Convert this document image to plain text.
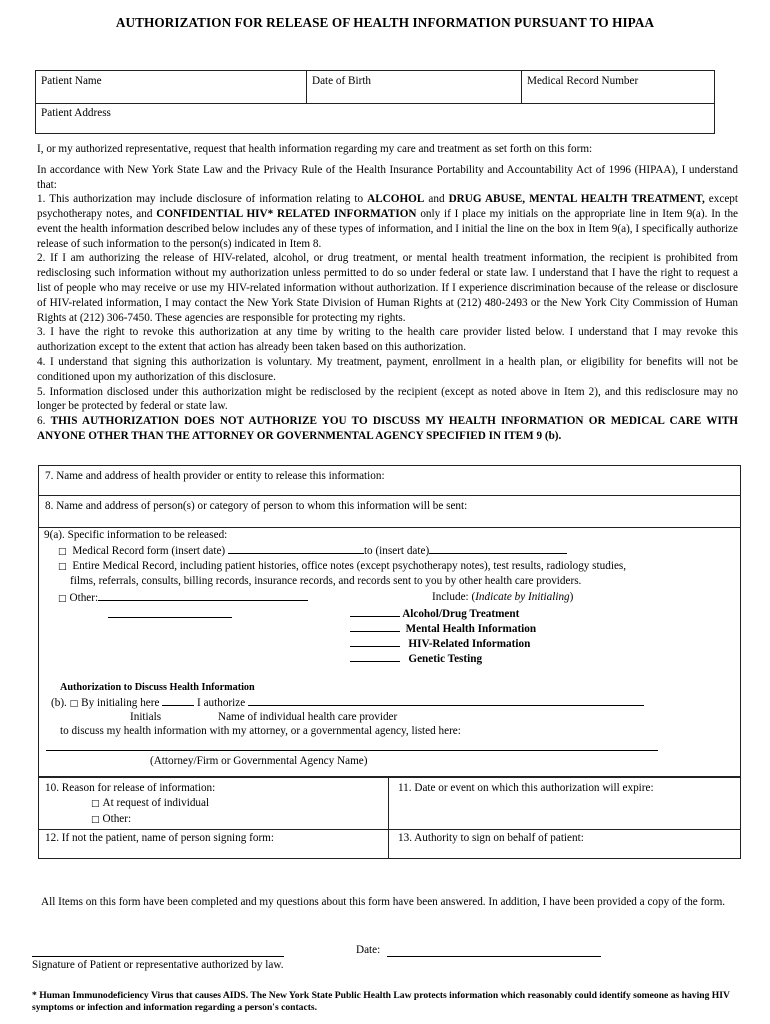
AUTHORIZATION FOR RELEASE OF HEALTH INFORMATION PURSUANT TO HIPAA
Patient Name	Date of Birth	Medical Record Number
Patient Address

I, or my authorized representative, request that health information regarding my care and treatment as set forth on this form:

In accordance with New York State Law and the Privacy Rule of the Health Insurance Portability and Accountability Act of 1996 (HIPAA), I understand that:

1. This authorization may include disclosure of information relating to ALCOHOL and DRUG ABUSE, MENTAL HEALTH TREATMENT, except psychotherapy notes, and CONFIDENTIAL HIV* RELATED INFORMATION only if I place my initials on the appropriate line in Item 9(a). In the event the health information described below includes any of these types of information, and I initial the line on the box in Item 9(a), I specifically authorize release of such information to the person(s) indicated in Item 8.

2. If I am authorizing the release of HIV-related, alcohol, or drug treatment, or mental health treatment information, the recipient is prohibited from redisclosing such information without my authorization unless permitted to do so under federal or state law. I understand that I have the right to request a list of people who may receive or use my HIV-related information without authorization. If I experience discrimination because of the release or disclosure of HIV-related information, I may contact the New York State Division of Human Rights at (212) 480-2493 or the New York City Commission of Human Rights at (212) 306-7450. These agencies are responsible for protecting my rights.

3. I have the right to revoke this authorization at any time by writing to the health care provider listed below. I understand that I may revoke this authorization except to the extent that action has already been taken based on this authorization.

4. I understand that signing this authorization is voluntary. My treatment, payment, enrollment in a health plan, or eligibility for benefits will not be conditioned upon my authorization of this disclosure.

5. Information disclosed under this authorization might be redisclosed by the recipient (except as noted above in Item 2), and this redisclosure may no longer be protected by federal or state law.

6. THIS AUTHORIZATION DOES NOT AUTHORIZE YOU TO DISCUSS MY HEALTH INFORMATION OR MEDICAL CARE WITH ANYONE OTHER THAN THE ATTORNEY OR GOVERNMENTAL AGENCY SPECIFIED IN ITEM 9 (b).

7. Name and address of health provider or entity to release this information:
8. Name and address of person(s) or category of person to whom this information will be sent:
9(a). Specific information to be released:
□ Medical Record form (insert date)	to (insert date)
□ Entire Medical Record, including patient histories, office notes (except psychotherapy notes), test results, radiology studies,
films, referrals, consults, billing records, insurance records, and records sent to you by other health care providers.
□ Other:	Include: (Indicate by Initialing)
Alcohol/Drug Treatment
Mental Health Information
HIV-Related Information
Genetic Testing
Authorization to Discuss Health Information
(b). □ By initialing here	I authorize
Initials	Name of individual health care provider
to discuss my health information with my attorney, or a governmental agency, listed here:
(Attorney/Firm or Governmental Agency Name)
10. Reason for release of information:
□ At request of individual
□ Other:
11. Date or event on which this authorization will expire:
12. If not the patient, name of person signing form:	13. Authority to sign on behalf of patient:
All Items on this form have been completed and my questions about this form have been answered. In addition, I have been provided a copy of the form.
Signature of Patient or representative authorized by law.
Date:
* Human Immunodeficiency Virus that causes AIDS. The New York State Public Health Law protects information which reasonably could identify someone as having HIV symptoms or infection and information regarding a person's contacts.
